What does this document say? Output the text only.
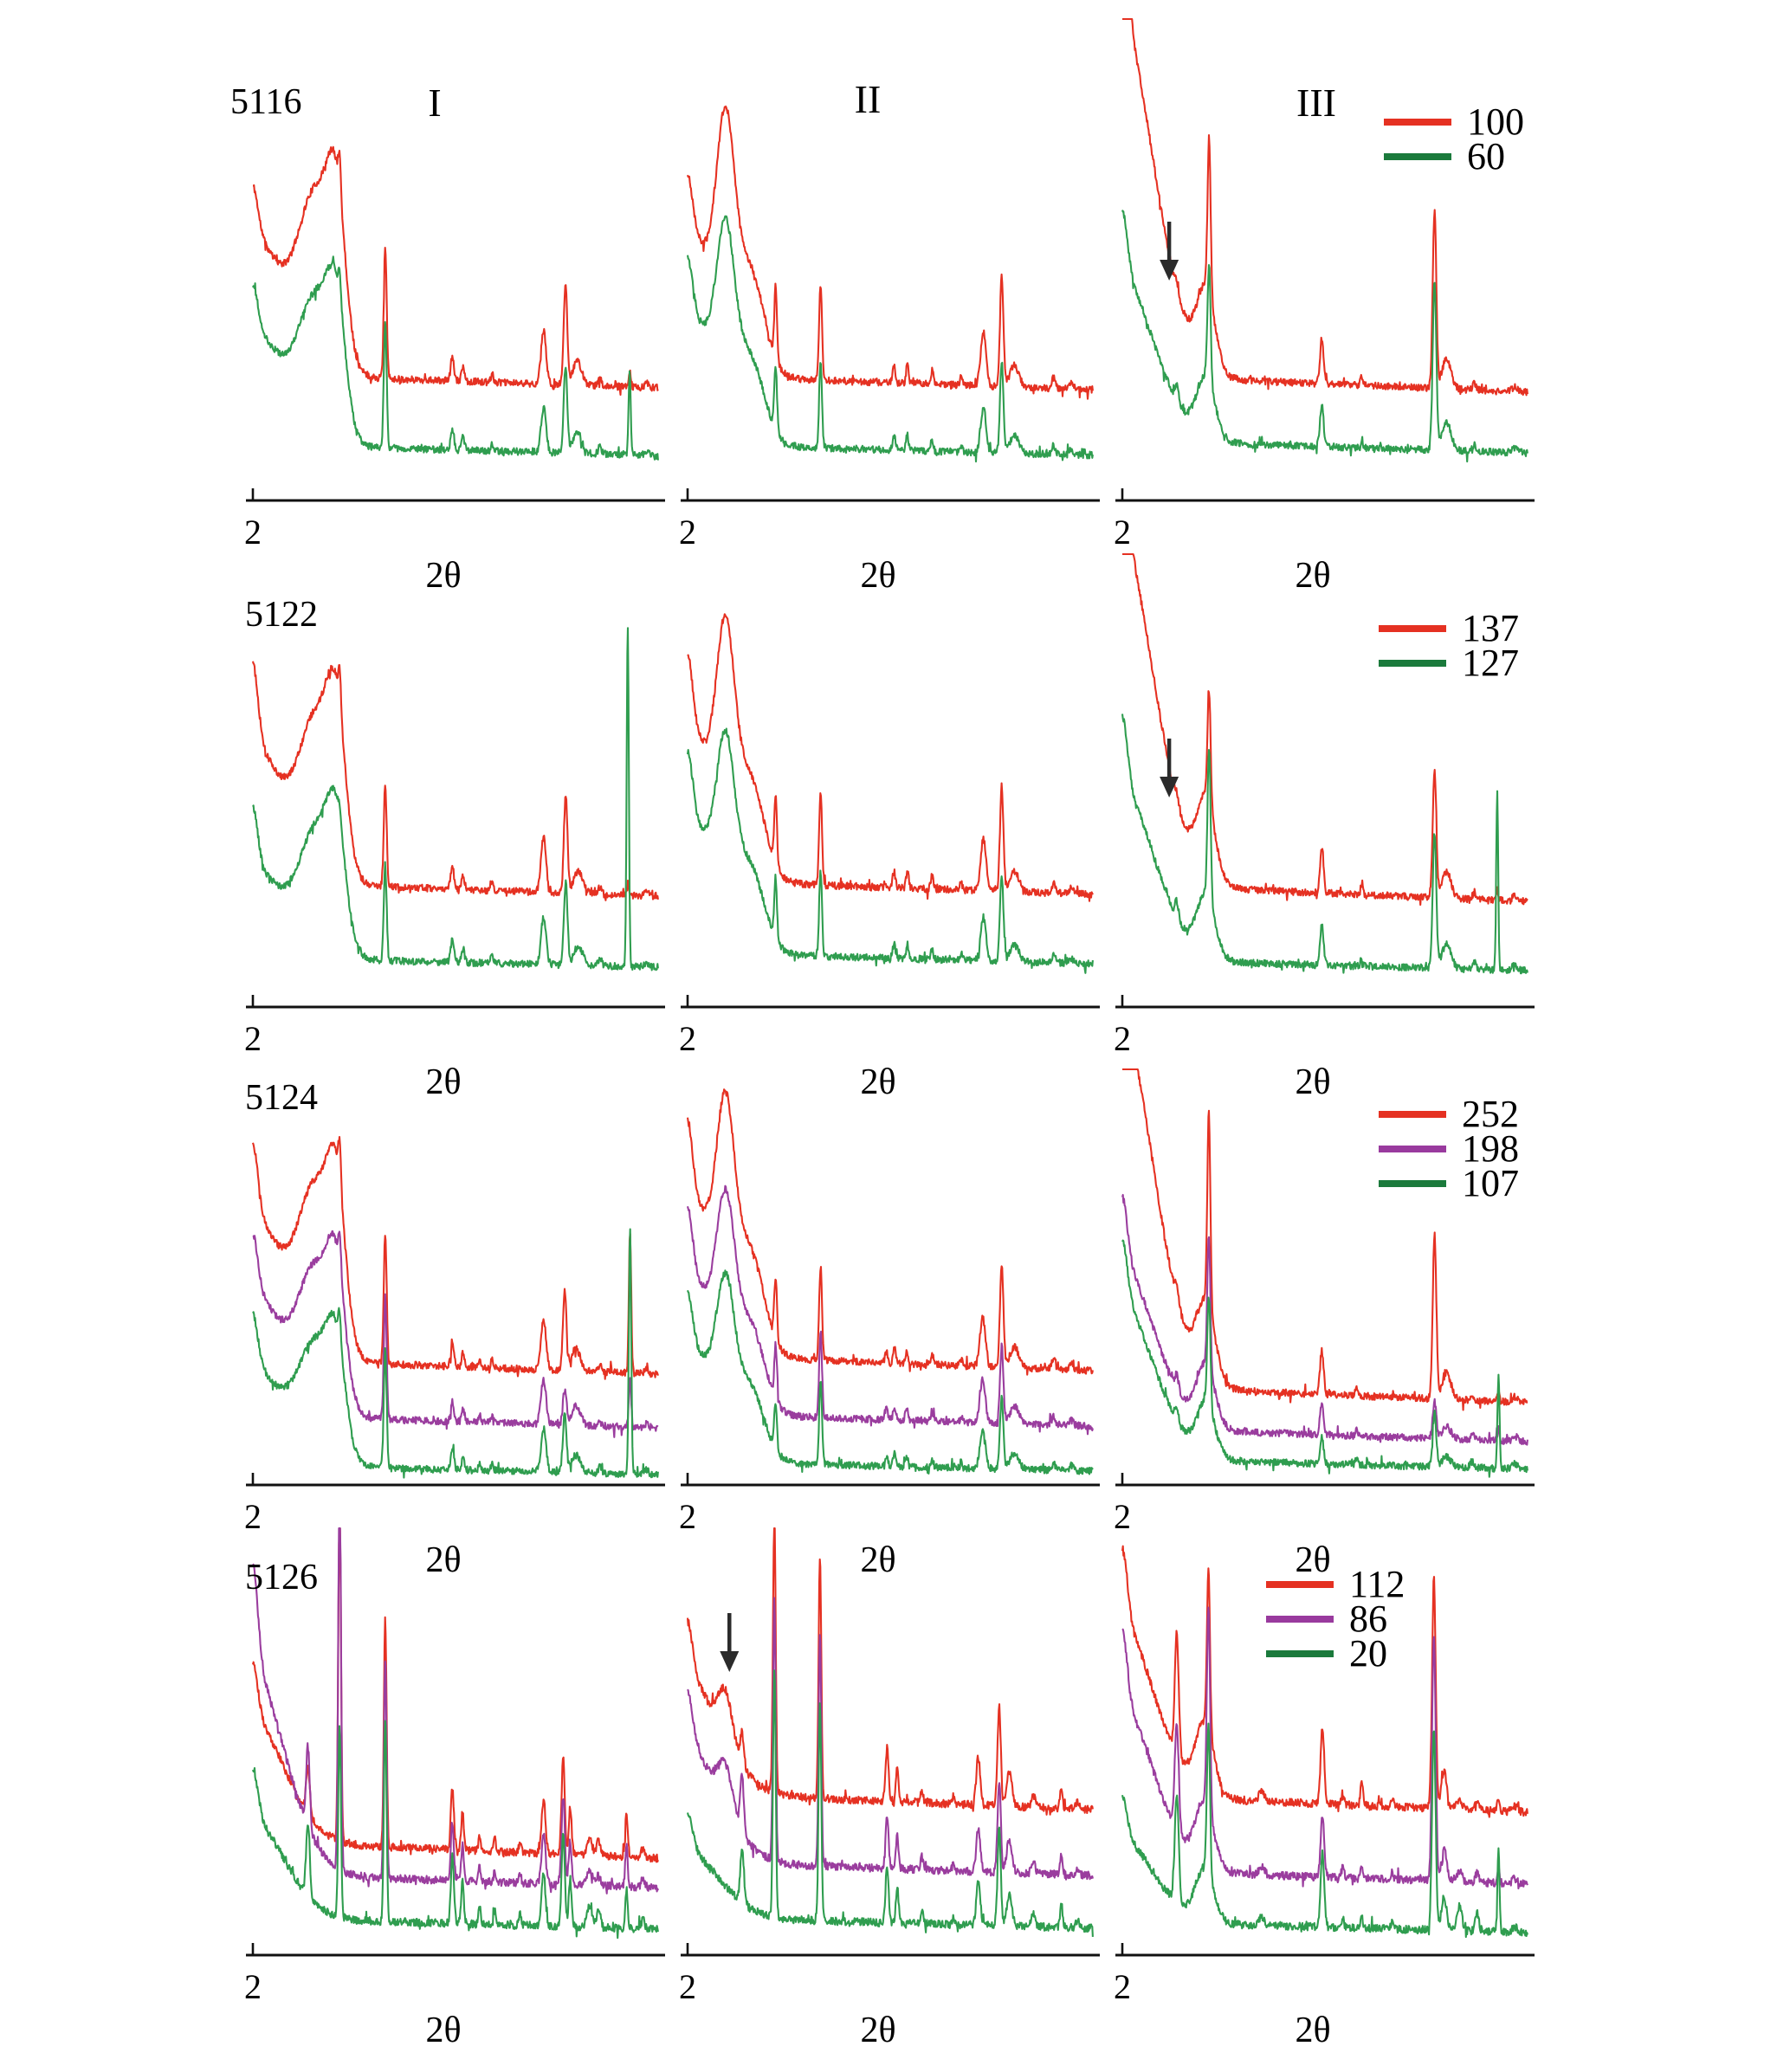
2
2θ
2
2θ
2
2θ
2
2θ
2
2θ
2
2θ
2
2θ
2
2θ
2
2θ
2
2θ
2
2θ
2
2θ
5116
5122
5124
5126
I	II	III	100
60
137
127
252
198
107
112
86
20
